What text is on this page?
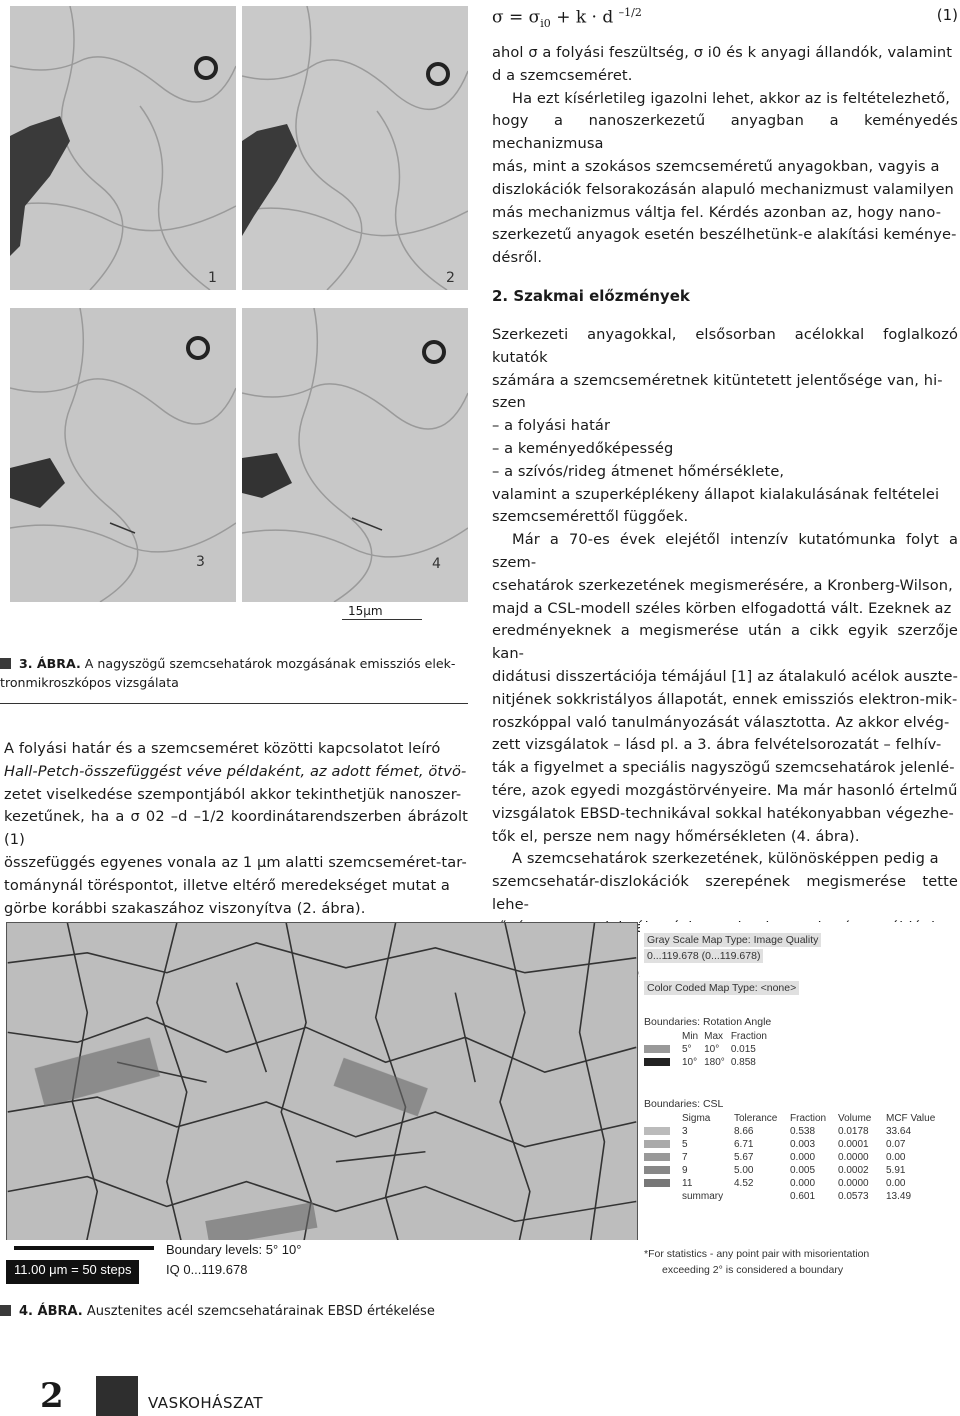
1	2
3	4
15μm
3. ÁBRA. A nagyszögű szemcsehatárok mozgásának emissziós elek-
tronmikroszkópos vizsgálata

A folyási határ és a szemcseméret közötti kapcsolatot leíró

Hall-Petch-összefüggést véve példaként, az adott fémet, ötvö-

zetet viselkedése szempontjából akkor tekinthetjük nanoszer-

kezetűnek, ha a σ 02 –d –1/2 koordinátarendszerben ábrázolt (1)

összefüggés egyenes vonala az 1 μm alatti szemcseméret-tar-

tománynál töréspontot, illetve eltérő meredekséget mutat a

görbe korábbi szakaszához viszonyítva (2. ábra).

$\sigma = \sigma_{i0} + k \cdot d$ $^{-1/2}$	(1)

ahol σ a folyási feszültség, σ i0 és k anyagi állandók, valamint

d a szemcseméret.

Ha ezt kísérletileg igazolni lehet, akkor az is feltételezhető,

hogy a nanoszerkezetű anyagban a keményedés mechanizmusa

más, mint a szokásos szemcseméretű anyagokban, vagyis a

diszlokációk felsorakozásán alapuló mechanizmust valamilyen

más mechanizmus váltja fel. Kérdés azonban az, hogy nano-

szerkezetű anyagok esetén beszélhetünk-e alakítási keménye-

désről.

2. Szakmai előzmények

Szerkezeti anyagokkal, elsősorban acélokkal foglalkozó kutatók

számára a szemcseméretnek kitüntetett jelentősége van, hi-

szen

– a folyási határ

– a keményedőképesség

– a szívós/rideg átmenet hőmérséklete,

valamint a szuperképlékeny állapot kialakulásának feltételei

szemcsemérettől függőek.

Már a 70-es évek elejétől intenzív kutatómunka folyt a szem-

csehatárok szerkezetének megismerésére, a Kronberg-Wilson,

majd a CSL-modell széles körben elfogadottá vált. Ezeknek az

eredményeknek a megismerése után a cikk egyik szerzője kan-

didátusi disszertációja témájául [1] az átalakuló acélok auszte-

nitjének sokkristályos állapotát, ennek emissziós elektron-mik-

roszkóppal való tanulmányozását választotta. Az akkor elvég-

zett vizsgálatok – lásd pl. a 3. ábra felvételsorozatát – felhív-

ták a figyelmet a speciális nagyszögű szemcsehatárok jelenlé-

tére, azok egyedi mozgástörvényeire. Ma már hasonló értelmű

vizsgálatok EBSD-technikával sokkal hatékonyabban végezhe-

tők el, persze nem nagy hőmérsékleten (4. ábra).

A szemcsehatárok szerkezetének, különösképpen pedig a

szemcsehatár-diszlokációk szerepének megismerése tette lehe-

Boundary levels: 5° 10°
11.00 μm = 50 steps	IQ 0...119.678
Gray Scale Map Type: Image Quality
0...119.678 (0...119.678)
Color Coded Map Type: <none>
Boundaries: Rotation Angle
	Min	Max	Fraction
	5°	10°	0.015
	10°	180°	0.858
Boundaries: CSL
	Sigma	Tolerance	Fraction	Volume	MCF Value
	3	8.66	0.538	0.0178	33.64
	5	6.71	0.003	0.0001	0.07
	7	5.67	0.000	0.0000	0.00
	9	5.00	0.005	0.0002	5.91
	11	4.52	0.000	0.0000	0.00
	summary		0.601	0.0573	13.49
*For statistics - any point pair with misorientation
exceeding 2° is considered a boundary
4. ÁBRA. Ausztenites acél szemcsehatárainak EBSD értékelése
2	VASKOHÁSZAT
